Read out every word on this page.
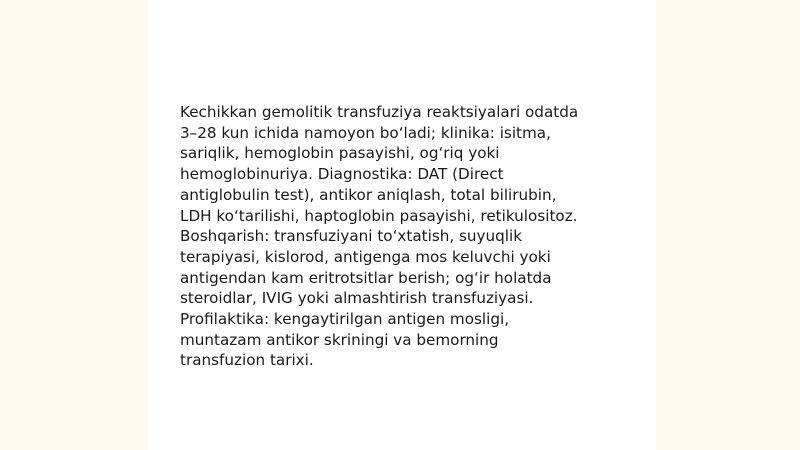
Kechikkan gemolitik transfuziya reaktsiyalari odatda
3–28 kun ichida namoyon bo‘ladi; klinika: isitma,
sariqlik, hemoglobin pasayishi, og‘riq yoki
hemoglobinuriya. Diagnostika: DAT (Direct
antiglobulin test), antikor aniqlash, total bilirubin,
LDH ko‘tarilishi, haptoglobin pasayishi, retikulositoz.
Boshqarish: transfuziyani to‘xtatish, suyuqlik
terapiyasi, kislorod, antigenga mos keluvchi yoki
antigendan kam eritrotsitlar berish; og‘ir holatda
steroidlar, IVIG yoki almashtirish transfuziyasi.
Profilaktika: kengaytirilgan antigen mosligi,
muntazam antikor skriningi va bemorning
transfuzion tarixi.
